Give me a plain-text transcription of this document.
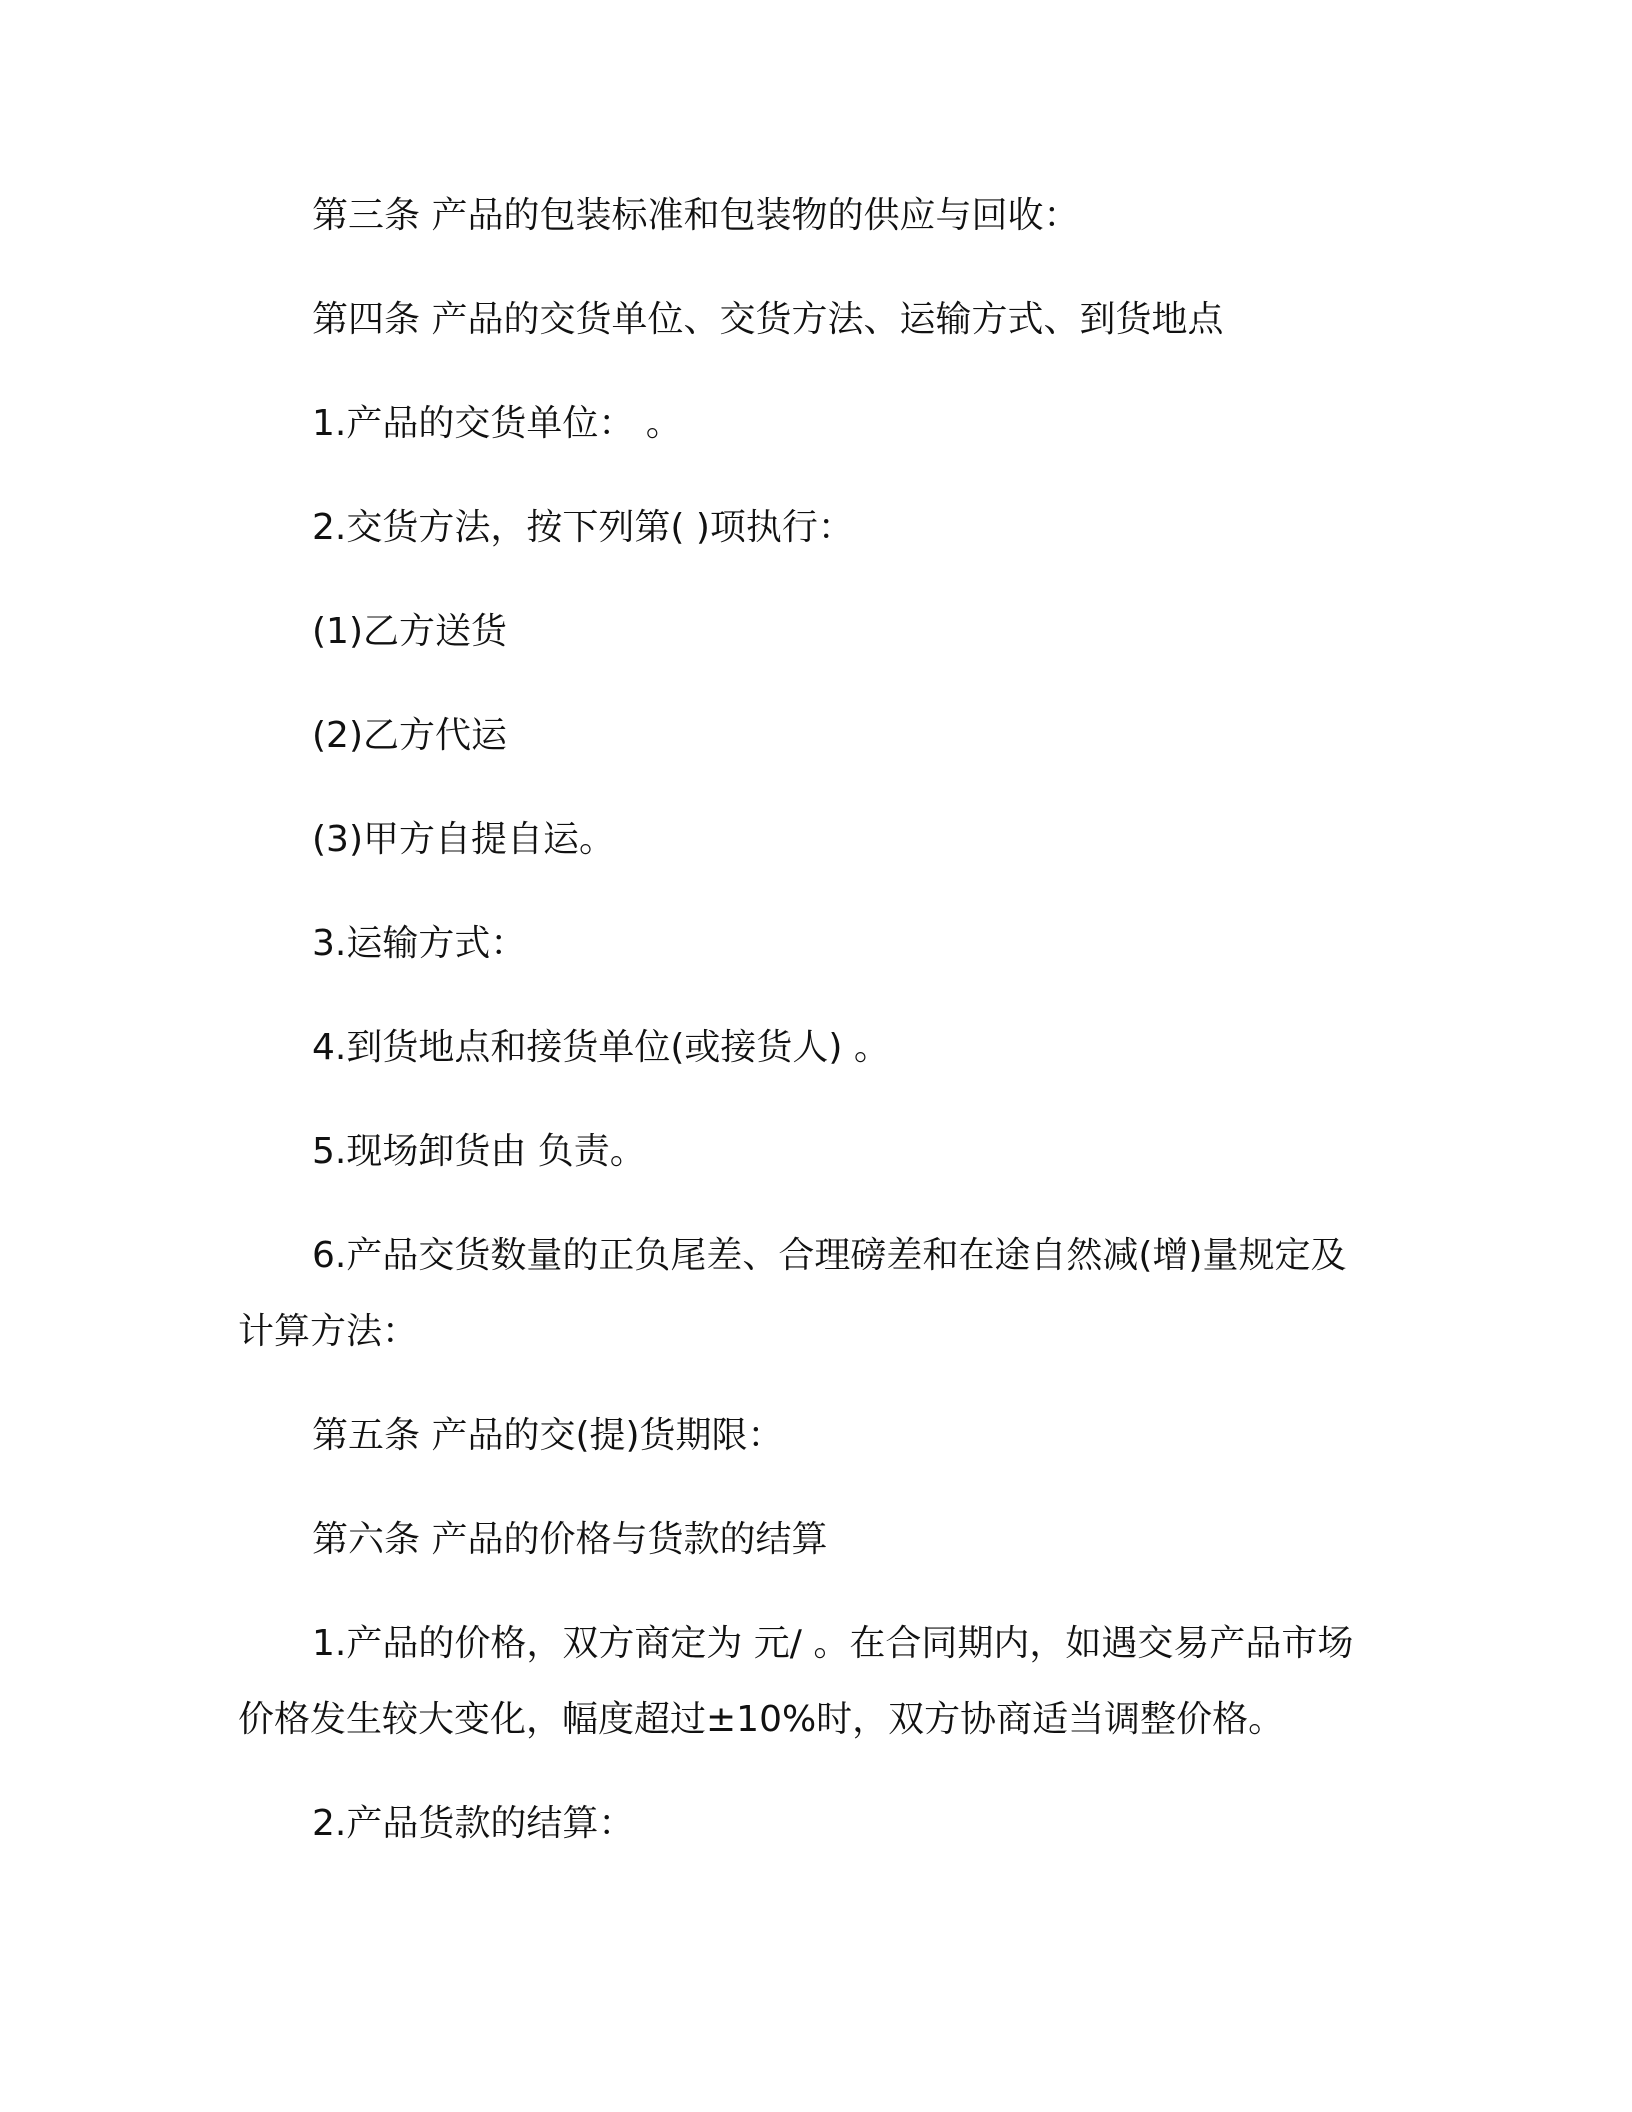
第三条 产品的包装标准和包装物的供应与回收：
第四条 产品的交货单位、交货方法、运输方式、到货地点
1.产品的交货单位： 。
2.交货方法，按下列第( )项执行：
(1)乙方送货
(2)乙方代运
(3)甲方自提自运。
3.运输方式：
4.到货地点和接货单位(或接货人) 。
5.现场卸货由 负责。
6.产品交货数量的正负尾差、合理磅差和在途自然减(增)量规定及
计算方法：
第五条 产品的交(提)货期限：
第六条 产品的价格与货款的结算
1.产品的价格，双方商定为 元/ 。在合同期内，如遇交易产品市场
价格发生较大变化，幅度超过±10%时，双方协商适当调整价格。
2.产品货款的结算：
